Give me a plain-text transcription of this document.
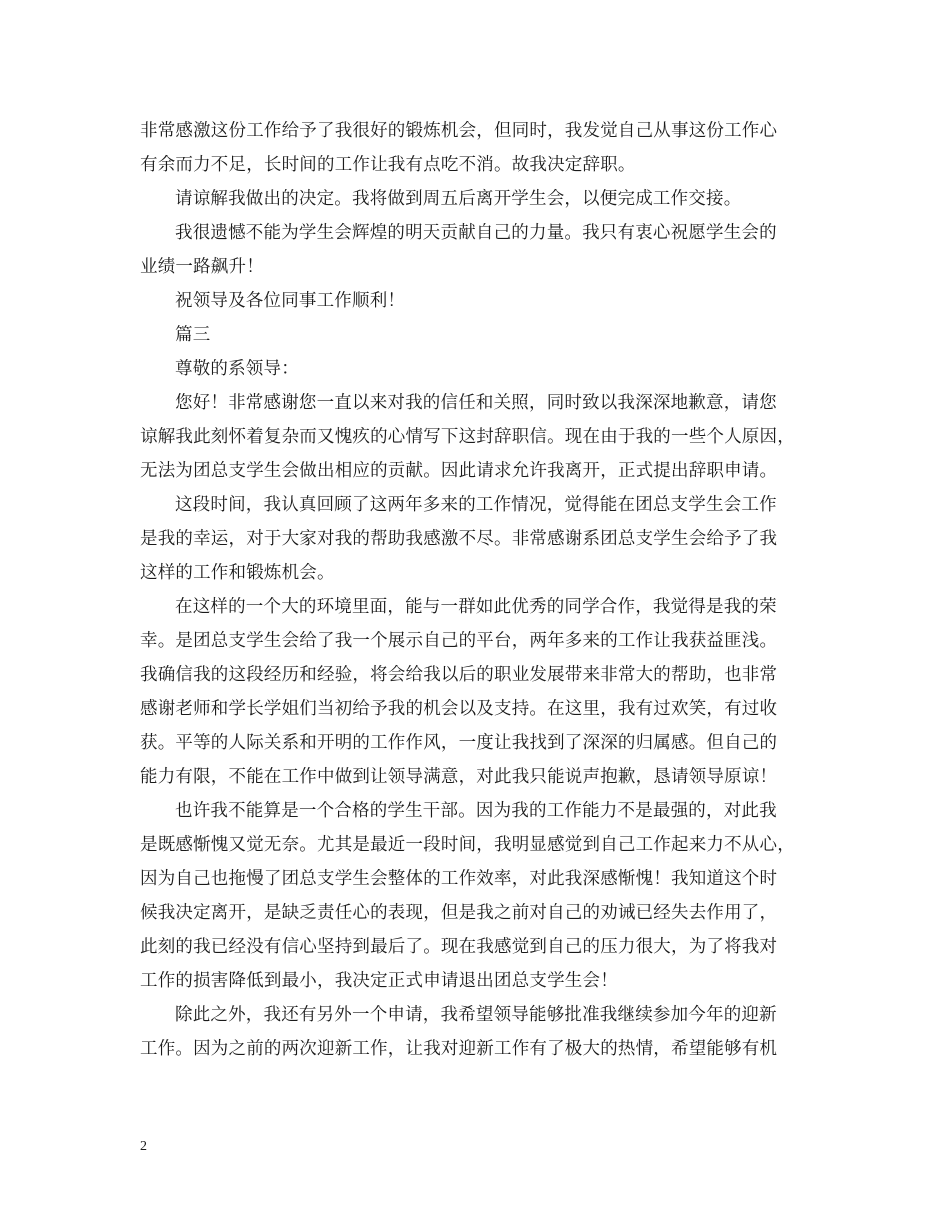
非常感激这份工作给予了我很好的锻炼机会，但同时，我发觉自己从事这份工作心
有余而力不足，长时间的工作让我有点吃不消。故我决定辞职。
请谅解我做出的决定。我将做到周五后离开学生会，以便完成工作交接。
我很遗憾不能为学生会辉煌的明天贡献自己的力量。我只有衷心祝愿学生会的
业绩一路飙升！
祝领导及各位同事工作顺利！
篇三
尊敬的系领导：
您好！非常感谢您一直以来对我的信任和关照，同时致以我深深地歉意，请您
谅解我此刻怀着复杂而又愧疚的心情写下这封辞职信。现在由于我的一些个人原因，
无法为团总支学生会做出相应的贡献。因此请求允许我离开，正式提出辞职申请。
这段时间，我认真回顾了这两年多来的工作情况，觉得能在团总支学生会工作
是我的幸运，对于大家对我的帮助我感激不尽。非常感谢系团总支学生会给予了我
这样的工作和锻炼机会。
在这样的一个大的环境里面，能与一群如此优秀的同学合作，我觉得是我的荣
幸。是团总支学生会给了我一个展示自己的平台，两年多来的工作让我获益匪浅。
我确信我的这段经历和经验，将会给我以后的职业发展带来非常大的帮助，也非常
感谢老师和学长学姐们当初给予我的机会以及支持。在这里，我有过欢笑，有过收
获。平等的人际关系和开明的工作作风，一度让我找到了深深的归属感。但自己的
能力有限，不能在工作中做到让领导满意，对此我只能说声抱歉，恳请领导原谅！
也许我不能算是一个合格的学生干部。因为我的工作能力不是最强的，对此我
是既感惭愧又觉无奈。尤其是最近一段时间，我明显感觉到自己工作起来力不从心，
因为自己也拖慢了团总支学生会整体的工作效率，对此我深感惭愧！我知道这个时
候我决定离开，是缺乏责任心的表现，但是我之前对自己的劝诫已经失去作用了，
此刻的我已经没有信心坚持到最后了。现在我感觉到自己的压力很大，为了将我对
工作的损害降低到最小，我决定正式申请退出团总支学生会！
除此之外，我还有另外一个申请，我希望领导能够批准我继续参加今年的迎新
工作。因为之前的两次迎新工作，让我对迎新工作有了极大的热情，希望能够有机
2
